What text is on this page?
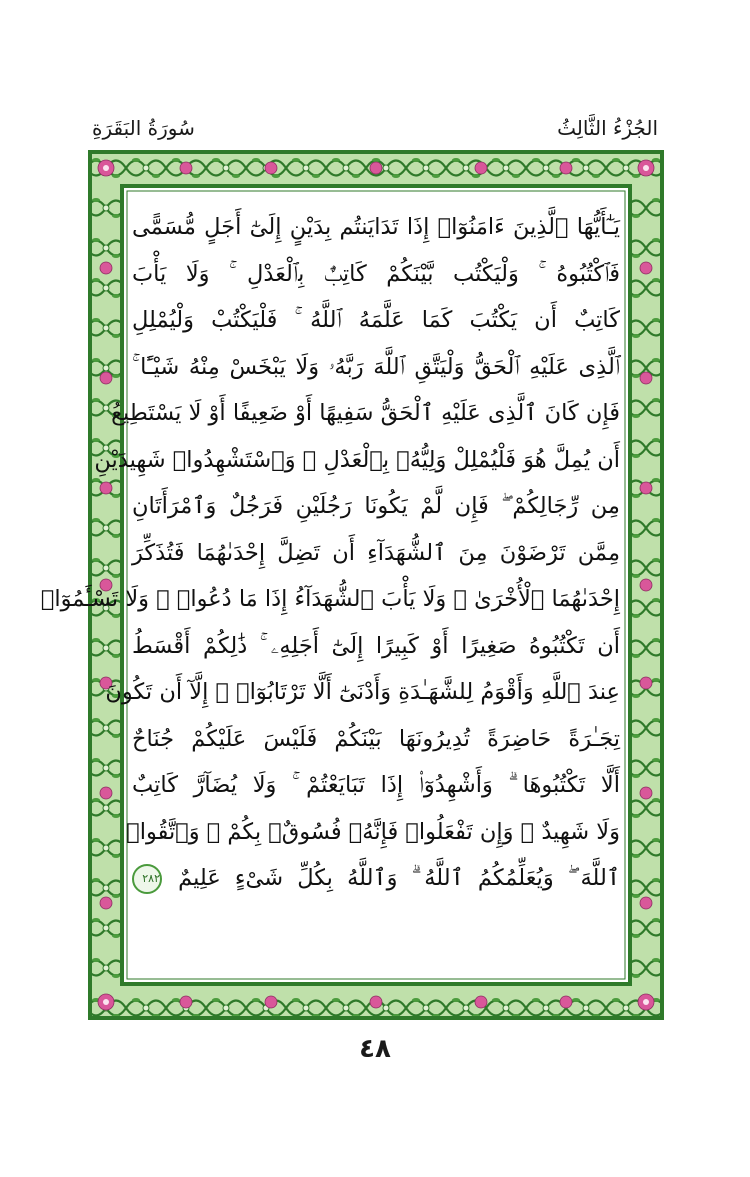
الجُزْءُ الثَّالِثُ
سُورَةُ البَقَرَةِ
يَـٰٓأَيُّهَا ٱلَّذِينَ ءَامَنُوٓا۟ إِذَا تَدَايَنتُم بِدَيْنٍ إِلَىٰٓ أَجَلٍ مُّسَمًّى
فَٱكْتُبُوهُ ۚ وَلْيَكْتُب بَّيْنَكُمْ كَاتِبٌۢ بِٱلْعَدْلِ ۚ وَلَا يَأْبَ
كَاتِبٌ أَن يَكْتُبَ كَمَا عَلَّمَهُ ٱللَّهُ ۚ فَلْيَكْتُبْ وَلْيُمْلِلِ
ٱلَّذِى عَلَيْهِ ٱلْحَقُّ وَلْيَتَّقِ ٱللَّهَ رَبَّهُۥ وَلَا يَبْخَسْ مِنْهُ شَيْـًٔا ۚ
فَإِن كَانَ ٱلَّذِى عَلَيْهِ ٱلْحَقُّ سَفِيهًا أَوْ ضَعِيفًا أَوْ لَا يَسْتَطِيعُ
أَن يُمِلَّ هُوَ فَلْيُمْلِلْ وَلِيُّهُۥ بِٱلْعَدْلِ ۚ وَٱسْتَشْهِدُوا۟ شَهِيدَيْنِ
مِن رِّجَالِكُمْ ۖ فَإِن لَّمْ يَكُونَا رَجُلَيْنِ فَرَجُلٌ وَٱمْرَأَتَانِ
مِمَّن تَرْضَوْنَ مِنَ ٱلشُّهَدَآءِ أَن تَضِلَّ إِحْدَىٰهُمَا فَتُذَكِّرَ
إِحْدَىٰهُمَا ٱلْأُخْرَىٰ ۚ وَلَا يَأْبَ ٱلشُّهَدَآءُ إِذَا مَا دُعُوا۟ ۚ وَلَا تَسْـَٔمُوٓا۟
أَن تَكْتُبُوهُ صَغِيرًا أَوْ كَبِيرًا إِلَىٰٓ أَجَلِهِۦ ۚ ذَٰلِكُمْ أَقْسَطُ
عِندَ ٱللَّهِ وَأَقْوَمُ لِلشَّهَـٰدَةِ وَأَدْنَىٰٓ أَلَّا تَرْتَابُوٓا۟ ۖ إِلَّآ أَن تَكُونَ
تِجَـٰرَةً حَاضِرَةً تُدِيرُونَهَا بَيْنَكُمْ فَلَيْسَ عَلَيْكُمْ جُنَاحٌ
أَلَّا تَكْتُبُوهَا ۗ وَأَشْهِدُوٓا۟ إِذَا تَبَايَعْتُمْ ۚ وَلَا يُضَآرَّ كَاتِبٌ
وَلَا شَهِيدٌ ۚ وَإِن تَفْعَلُوا۟ فَإِنَّهُۥ فُسُوقٌۢ بِكُمْ ۗ وَٱتَّقُوا۟
ٱللَّهَ ۖ وَيُعَلِّمُكُمُ ٱللَّهُ ۗ وَٱللَّهُ بِكُلِّ شَىْءٍ عَلِيمٌ ٢٨٢
٤٨
